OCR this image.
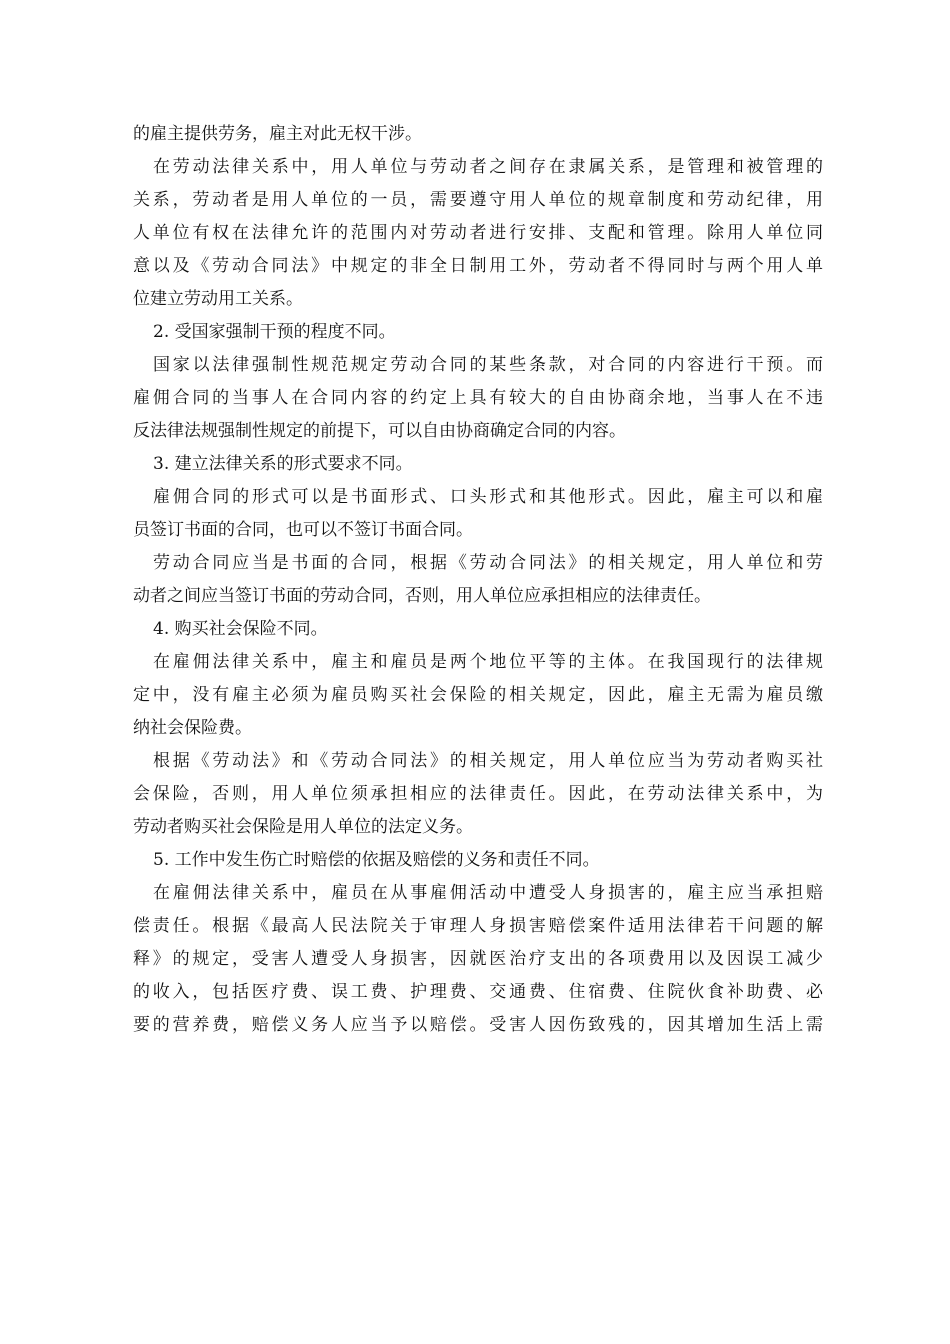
的雇主提供劳务，雇主对此无权干涉。
在劳动法律关系中，用人单位与劳动者之间存在隶属关系，是管理和被管理的
关系，劳动者是用人单位的一员，需要遵守用人单位的规章制度和劳动纪律，用
人单位有权在法律允许的范围内对劳动者进行安排、支配和管理。除用人单位同
意以及《劳动合同法》中规定的非全日制用工外，劳动者不得同时与两个用人单
位建立劳动用工关系。
2. 受国家强制干预的程度不同。
国家以法律强制性规范规定劳动合同的某些条款，对合同的内容进行干预。而
雇佣合同的当事人在合同内容的约定上具有较大的自由协商余地，当事人在不违
反法律法规强制性规定的前提下，可以自由协商确定合同的内容。
3. 建立法律关系的形式要求不同。
雇佣合同的形式可以是书面形式、口头形式和其他形式。因此，雇主可以和雇
员签订书面的合同，也可以不签订书面合同。
劳动合同应当是书面的合同，根据《劳动合同法》的相关规定，用人单位和劳
动者之间应当签订书面的劳动合同，否则，用人单位应承担相应的法律责任。
4. 购买社会保险不同。
在雇佣法律关系中，雇主和雇员是两个地位平等的主体。在我国现行的法律规
定中，没有雇主必须为雇员购买社会保险的相关规定，因此，雇主无需为雇员缴
纳社会保险费。
根据《劳动法》和《劳动合同法》的相关规定，用人单位应当为劳动者购买社
会保险，否则，用人单位须承担相应的法律责任。因此，在劳动法律关系中，为
劳动者购买社会保险是用人单位的法定义务。
5. 工作中发生伤亡时赔偿的依据及赔偿的义务和责任不同。
在雇佣法律关系中，雇员在从事雇佣活动中遭受人身损害的，雇主应当承担赔
偿责任。根据《最高人民法院关于审理人身损害赔偿案件适用法律若干问题的解
释》的规定，受害人遭受人身损害，因就医治疗支出的各项费用以及因误工减少
的收入，包括医疗费、误工费、护理费、交通费、住宿费、住院伙食补助费、必
要的营养费，赔偿义务人应当予以赔偿。受害人因伤致残的，因其增加生活上需
